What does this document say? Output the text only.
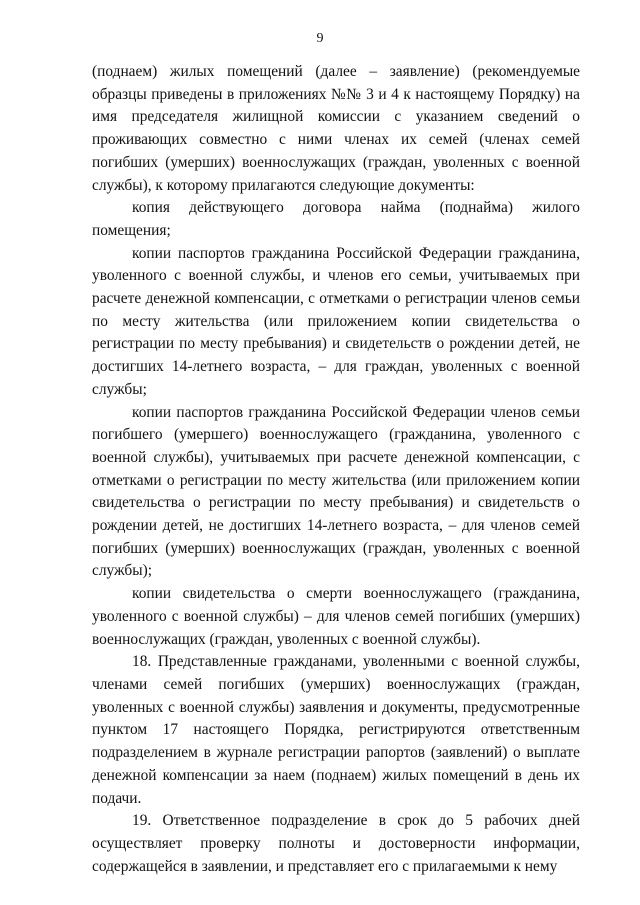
9

(поднаем) жилых помещений (далее – заявление) (рекомендуемые образцы приведены в приложениях №№ 3 и 4 к настоящему Порядку) на имя председателя жилищной комиссии с указанием сведений о проживающих совместно с ними членах их семей (членах семей погибших (умерших) военнослужащих (граждан, уволенных с военной службы), к которому прилагаются следующие документы:

копия действующего договора найма (поднайма) жилого помещения;

копии паспортов гражданина Российской Федерации гражданина, уволенного с военной службы, и членов его семьи, учитываемых при расчете денежной компенсации, с отметками о регистрации членов семьи по месту жительства (или приложением копии свидетельства о регистрации по месту пребывания) и свидетельств о рождении детей, не достигших 14-летнего возраста, – для граждан, уволенных с военной службы;

копии паспортов гражданина Российской Федерации членов семьи погибшего (умершего) военнослужащего (гражданина, уволенного с военной службы), учитываемых при расчете денежной компенсации, с отметками о регистрации по месту жительства (или приложением копии свидетельства о регистрации по месту пребывания) и свидетельств о рождении детей, не достигших 14-летнего возраста, – для членов семей погибших (умерших) военнослужащих (граждан, уволенных с военной службы);

копии свидетельства о смерти военнослужащего (гражданина, уволенного с военной службы) – для членов семей погибших (умерших) военнослужащих (граждан, уволенных с военной службы).

18. Представленные гражданами, уволенными с военной службы, членами семей погибших (умерших) военнослужащих (граждан, уволенных с военной службы) заявления и документы, предусмотренные пунктом 17 настоящего Порядка, регистрируются ответственным подразделением в журнале регистрации рапортов (заявлений) о выплате денежной компенсации за наем (поднаем) жилых помещений в день их подачи.

19. Ответственное подразделение в срок до 5 рабочих дней осуществляет проверку полноты и достоверности информации, содержащейся в заявлении, и представляет его с прилагаемыми к нему
